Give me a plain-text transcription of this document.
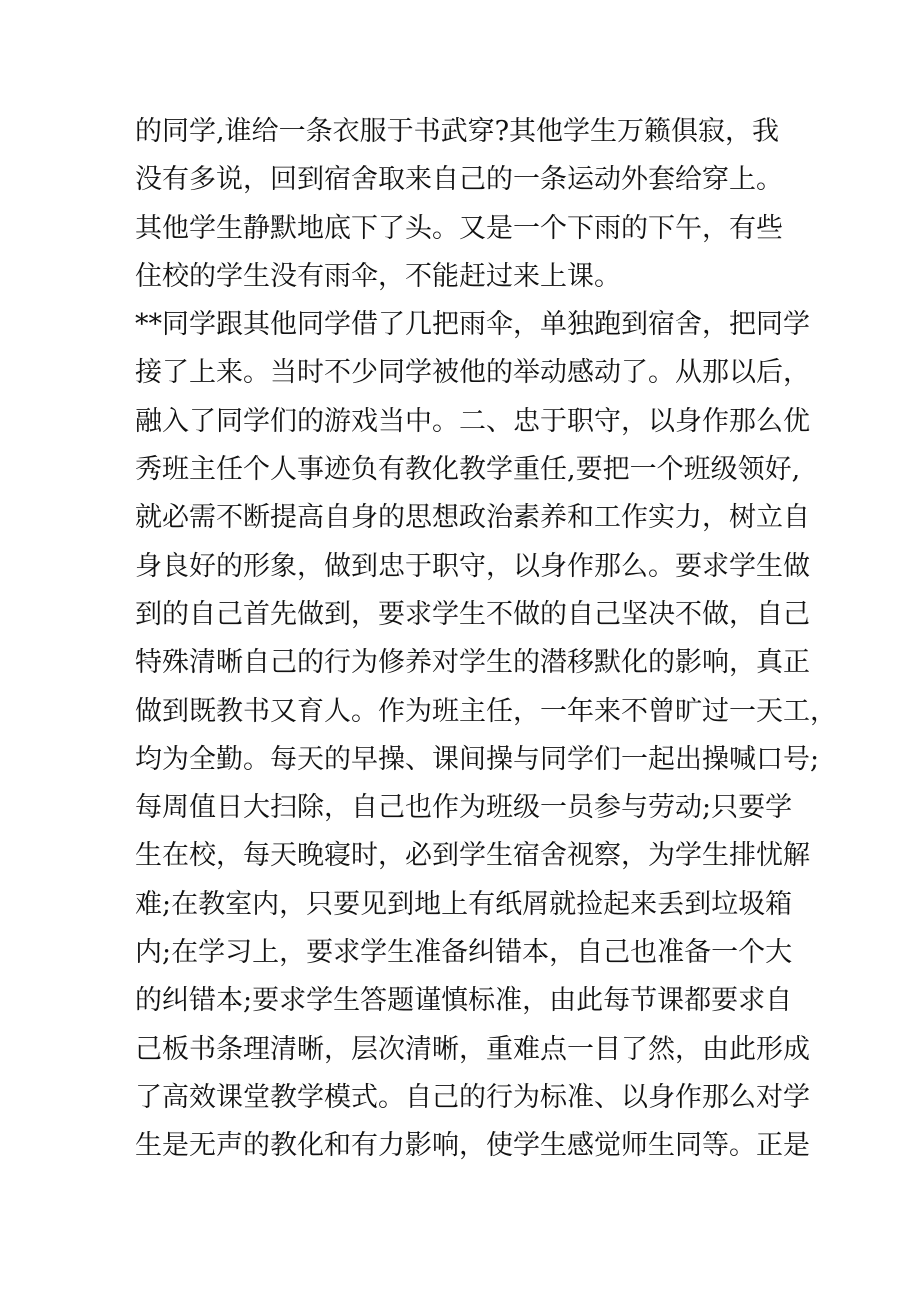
的同学,谁给一条衣服于书武穿?其他学生万籁俱寂，我
没有多说，回到宿舍取来自己的一条运动外套给穿上。
其他学生静默地底下了头。又是一个下雨的下午，有些
住校的学生没有雨伞，不能赶过来上课。
**同学跟其他同学借了几把雨伞，单独跑到宿舍，把同学
接了上来。当时不少同学被他的举动感动了。从那以后，
融入了同学们的游戏当中。二、忠于职守，以身作那么优
秀班主任个人事迹负有教化教学重任,要把一个班级领好,
就必需不断提高自身的思想政治素养和工作实力，树立自
身良好的形象，做到忠于职守，以身作那么。要求学生做
到的自己首先做到，要求学生不做的自己坚决不做，自己
特殊清晰自己的行为修养对学生的潜移默化的影响，真正
做到既教书又育人。作为班主任，一年来不曾旷过一天工，
均为全勤。每天的早操、课间操与同学们一起出操喊口号;
每周值日大扫除，自己也作为班级一员参与劳动;只要学
生在校，每天晚寝时，必到学生宿舍视察，为学生排忧解
难;在教室内，只要见到地上有纸屑就捡起来丢到垃圾箱
内;在学习上，要求学生准备纠错本，自己也准备一个大
的纠错本;要求学生答题谨慎标准，由此每节课都要求自
己板书条理清晰，层次清晰，重难点一目了然，由此形成
了高效课堂教学模式。自己的行为标准、以身作那么对学
生是无声的教化和有力影响，使学生感觉师生同等。正是
